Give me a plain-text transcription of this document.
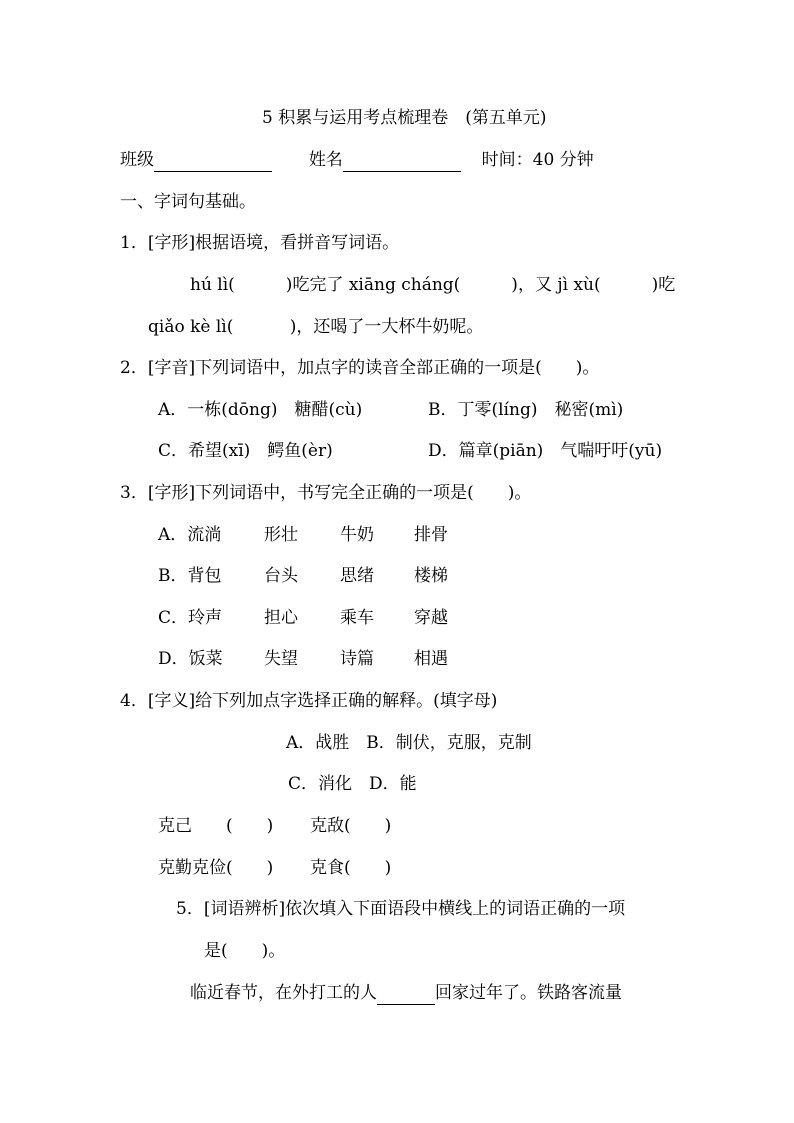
5 积累与运用考点梳理卷　(第五单元)
班级	姓名	时间：40 分钟
一、字词句基础。
1．[字形]根据语境，看拼音写词语。
hú lì(　　　)吃完了 xiāng cháng(　　　)，又 jì xù(　　　)吃
qiǎo kè lì(　　　 )，还喝了一大杯牛奶呢。
2．[字音]下列词语中，加点字的读音全部正确的一项是(　　)。
A．一栋(dōng)　糖醋(cù)	B．丁零(líng)　秘密(mì)
C．希望(xī)　鳄鱼(èr)	D．篇章(piān)　气喘吁吁(yū)
3．[字形]下列词语中，书写完全正确的一项是(　　)。
A．流淌	形壮 牛奶 排骨
B．背包	台头 思绪 楼梯
C．玲声 担心 乘车 穿越
D．饭菜 失望 诗篇 相遇
4．[字义]给下列加点字选择正确的解释。(填字母)
A．战胜　B．制伏，克服，克制
C．消化　D．能
克己　　(　　) 克敌(　　)
克勤克俭(　　) 克食(　　)
5．[词语辨析]依次填入下面语段中横线上的词语正确的一项
是(　　)。
临近春节，在外打工的人	回家过年了。铁路客流量
